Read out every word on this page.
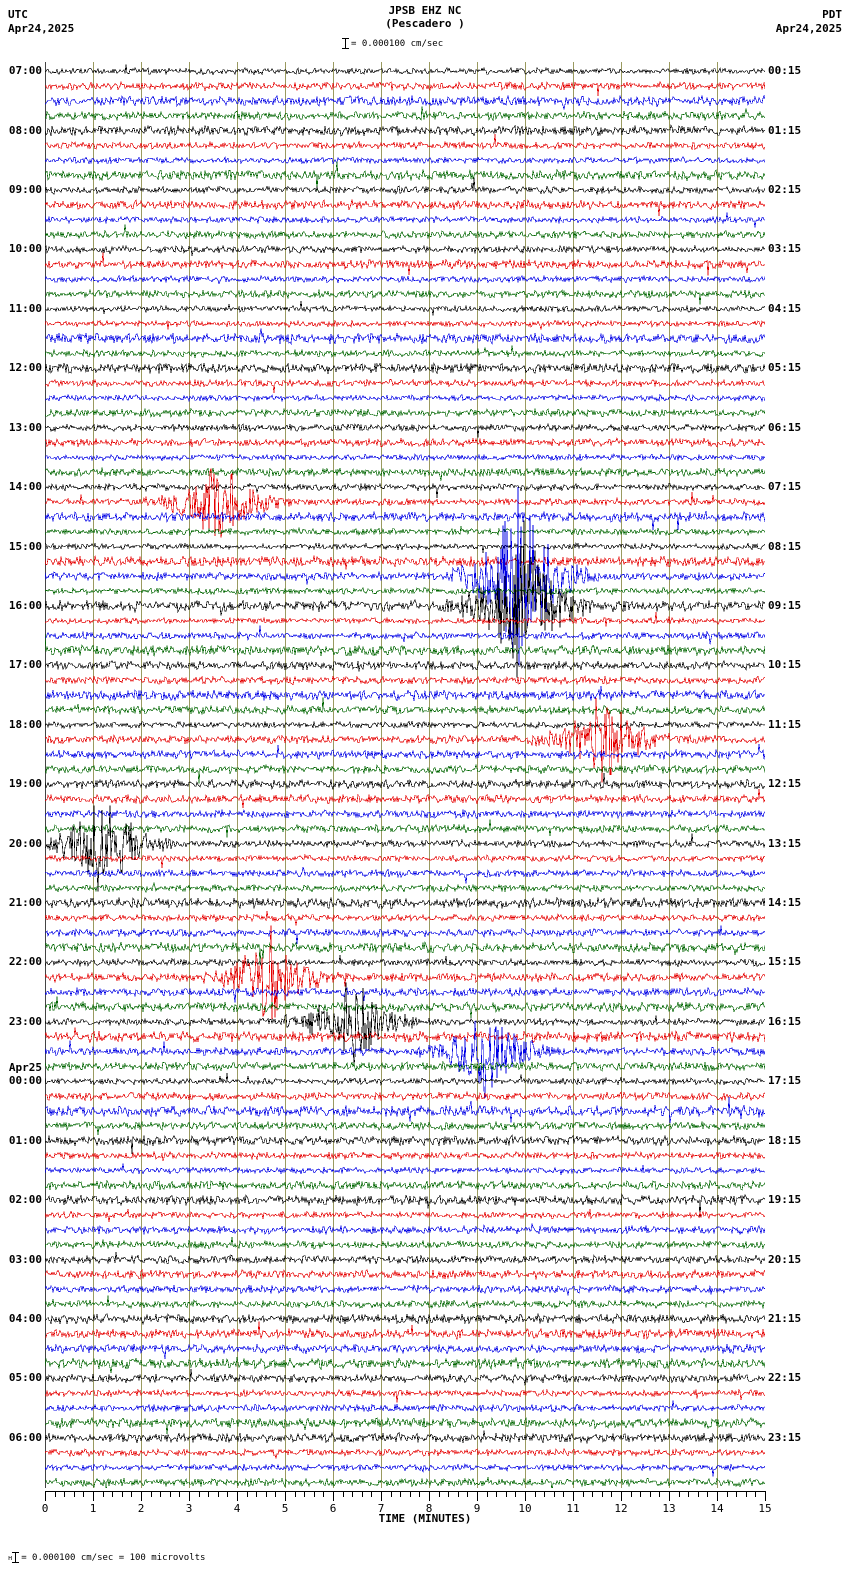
UTC
Apr24,2025
JPSB EHZ NC
(Pescadero )
PDT
Apr24,2025
= 0.000100 cm/sec
07:00
08:00
09:00
10:00
11:00
12:00
13:00
14:00
15:00
16:00
17:00
18:00
19:00
20:00
21:00
22:00
23:00
00:00
01:00
02:00
03:00
04:00
05:00
06:00
00:15
01:15
02:15
03:15
04:15
05:15
06:15
07:15
08:15
09:15
10:15
11:15
12:15
13:15
14:15
15:15
16:15
17:15
18:15
19:15
20:15
21:15
22:15
23:15
Apr25
0	1	2	3	4	5	6	7	8	9	10	11	12	13	14	15
TIME (MINUTES)
н = 0.000100 cm/sec = 100 microvolts
